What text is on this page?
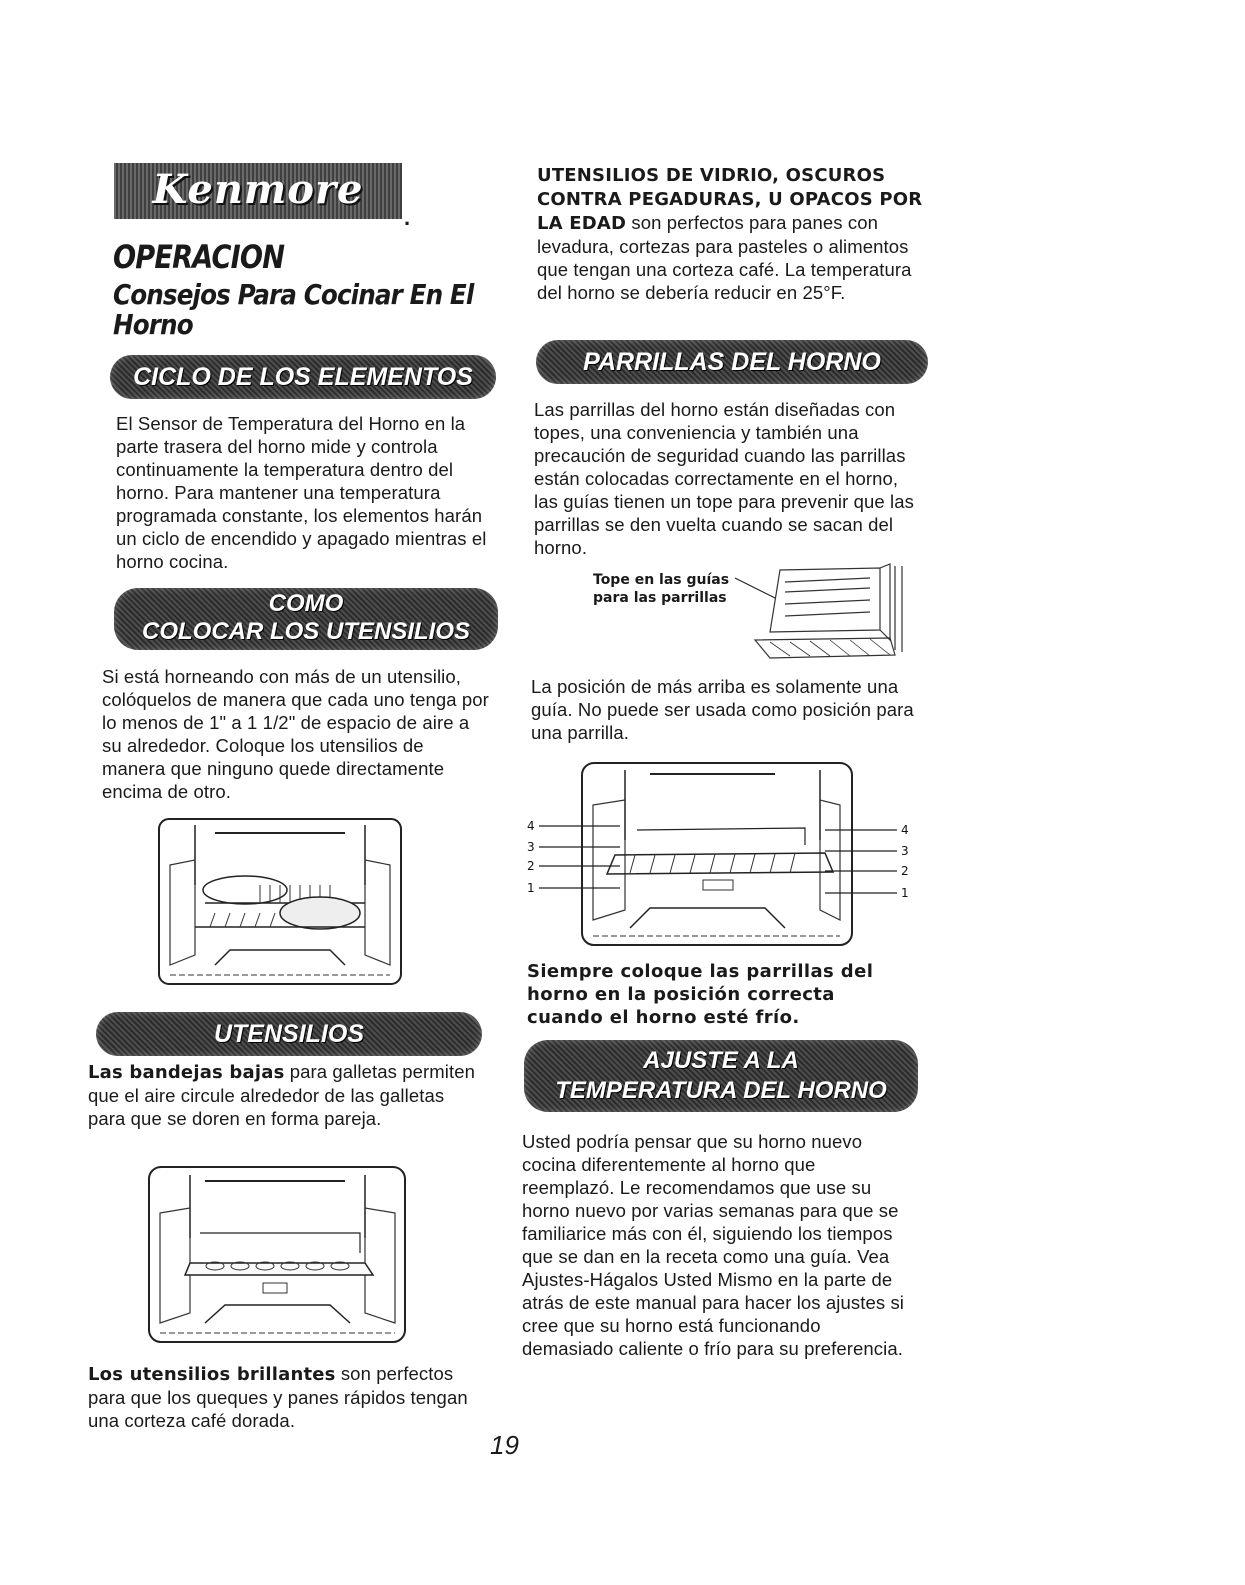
Kenmore
.
OPERACION
Consejos Para Cocinar En El Horno
CICLO DE LOS ELEMENTOS
El Sensor de Temperatura del Horno en la parte trasera del horno mide y controla continuamente la temperatura dentro del horno. Para mantener una temperatura programada constante, los elementos harán un ciclo de encendido y apagado mientras el horno cocina.
COMO
COLOCAR LOS UTENSILIOS
Si está horneando con más de un utensilio, colóquelos de manera que cada uno tenga por lo menos de 1" a 1 1/2" de espacio de aire a su alrededor. Coloque los utensilios de manera que ninguno quede directamente encima de otro.
UTENSILIOS
Las bandejas bajas para galletas permiten que el aire circule alrededor de las galletas para que se doren en forma pareja.
Los utensilios brillantes son perfectos para que los queques y panes rápidos tengan una corteza café dorada.
UTENSILIOS DE VIDRIO, OSCUROS CONTRA PEGADURAS, U OPACOS POR LA EDAD son perfectos para panes con levadura, cortezas para pasteles o alimentos que tengan una corteza café. La temperatura del horno se debería reducir en 25°F.
PARRILLAS DEL HORNO
Las parrillas del horno están diseñadas con topes, una conveniencia y también una precaución de seguridad cuando las parrillas están colocadas correctamente en el horno, las guías tienen un tope para prevenir que las parrillas se den vuelta cuando se sacan del horno.
Tope en las guías
para las parrillas
La posición de más arriba es solamente una guía. No puede ser usada como posición para una parrilla.
4
3
2
1
4
3
2
1
Siempre coloque las parrillas del horno en la posición correcta cuando el horno esté frío.
AJUSTE A LA
TEMPERATURA DEL HORNO
Usted podría pensar que su horno nuevo cocina diferentemente al horno que reemplazó. Le recomendamos que use su horno nuevo por varias semanas para que se familiarice más con él, siguiendo los tiempos que se dan en la receta como una guía. Vea Ajustes-Hágalos Usted Mismo en la parte de atrás de este manual para hacer los ajustes si cree que su horno está funcionando demasiado caliente o frío para su preferencia.
19
